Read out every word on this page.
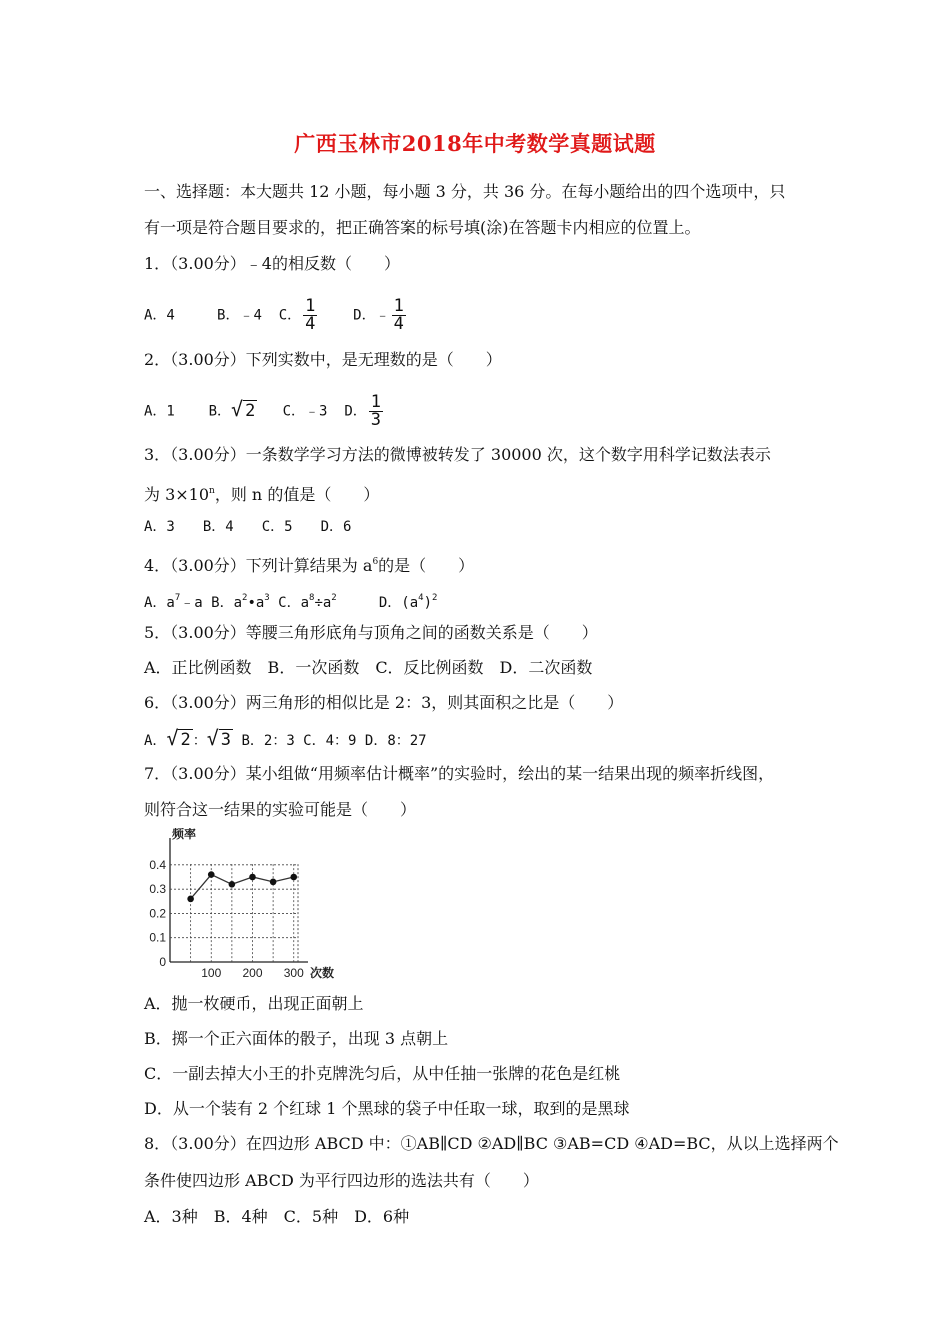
广西玉林市2018年中考数学真题试题
一、选择题：本大题共 12 小题，每小题 3 分，共 36 分。在每小题给出的四个选项中，只
有一项是符合题目要求的，把正确答案的标号填(涂)在答题卡内相应的位置上。
1．（3.00分）﹣4的相反数（　　）
A．4	B．﹣4 C． $\frac{1}{4}$	D．﹣ $\frac{1}{4}$
2．（3.00分）下列实数中，是无理数的是（　　）
A．1 B．√ 2 C．﹣3 D． $\frac{1}{3}$
3．（3.00分）一条数学学习方法的微博被转发了 30000 次，这个数字用科学记数法表示
为 $3\times 10^n$，则 n 的值是（　　）
A．3　　B．4　　C．5　　D．6
4．（3.00分）下列计算结果为 $a^6$的是（　　）
A．$a^7﹣a$ B．$a^2•a^3$ C．$a^8\div a^2$	D．$(a^4)^2$
5．（3.00分）等腰三角形底角与顶角之间的函数关系是（　　）
A．正比例函数　B．一次函数　C．反比例函数　D．二次函数
6．（3.00分）两三角形的相似比是 2：3，则其面积之比是（　　）
A．√ 2 ：√ 3 B．2：3 C．4：9 D．8：27
7．（3.00分）某小组做“用频率估计概率”的实验时，绘出的某一结果出现的频率折线图，
则符合这一结果的实验可能是（　　）
0
0.1
0.2
0.3
0.4
100 200 300
频率
次数
A．抛一枚硬币，出现正面朝上
B．掷一个正六面体的骰子，出现 3 点朝上
C．一副去掉大小王的扑克牌洗匀后，从中任抽一张牌的花色是红桃
D．从一个装有 2 个红球 1 个黑球的袋子中任取一球，取到的是黑球
8．（3.00分）在四边形 ABCD 中：①AB∥CD ②AD∥BC ③AB=CD ④AD=BC，从以上选择两个
条件使四边形 ABCD 为平行四边形的选法共有（　　）
A．3种　B．4种　C．5种　D．6种
